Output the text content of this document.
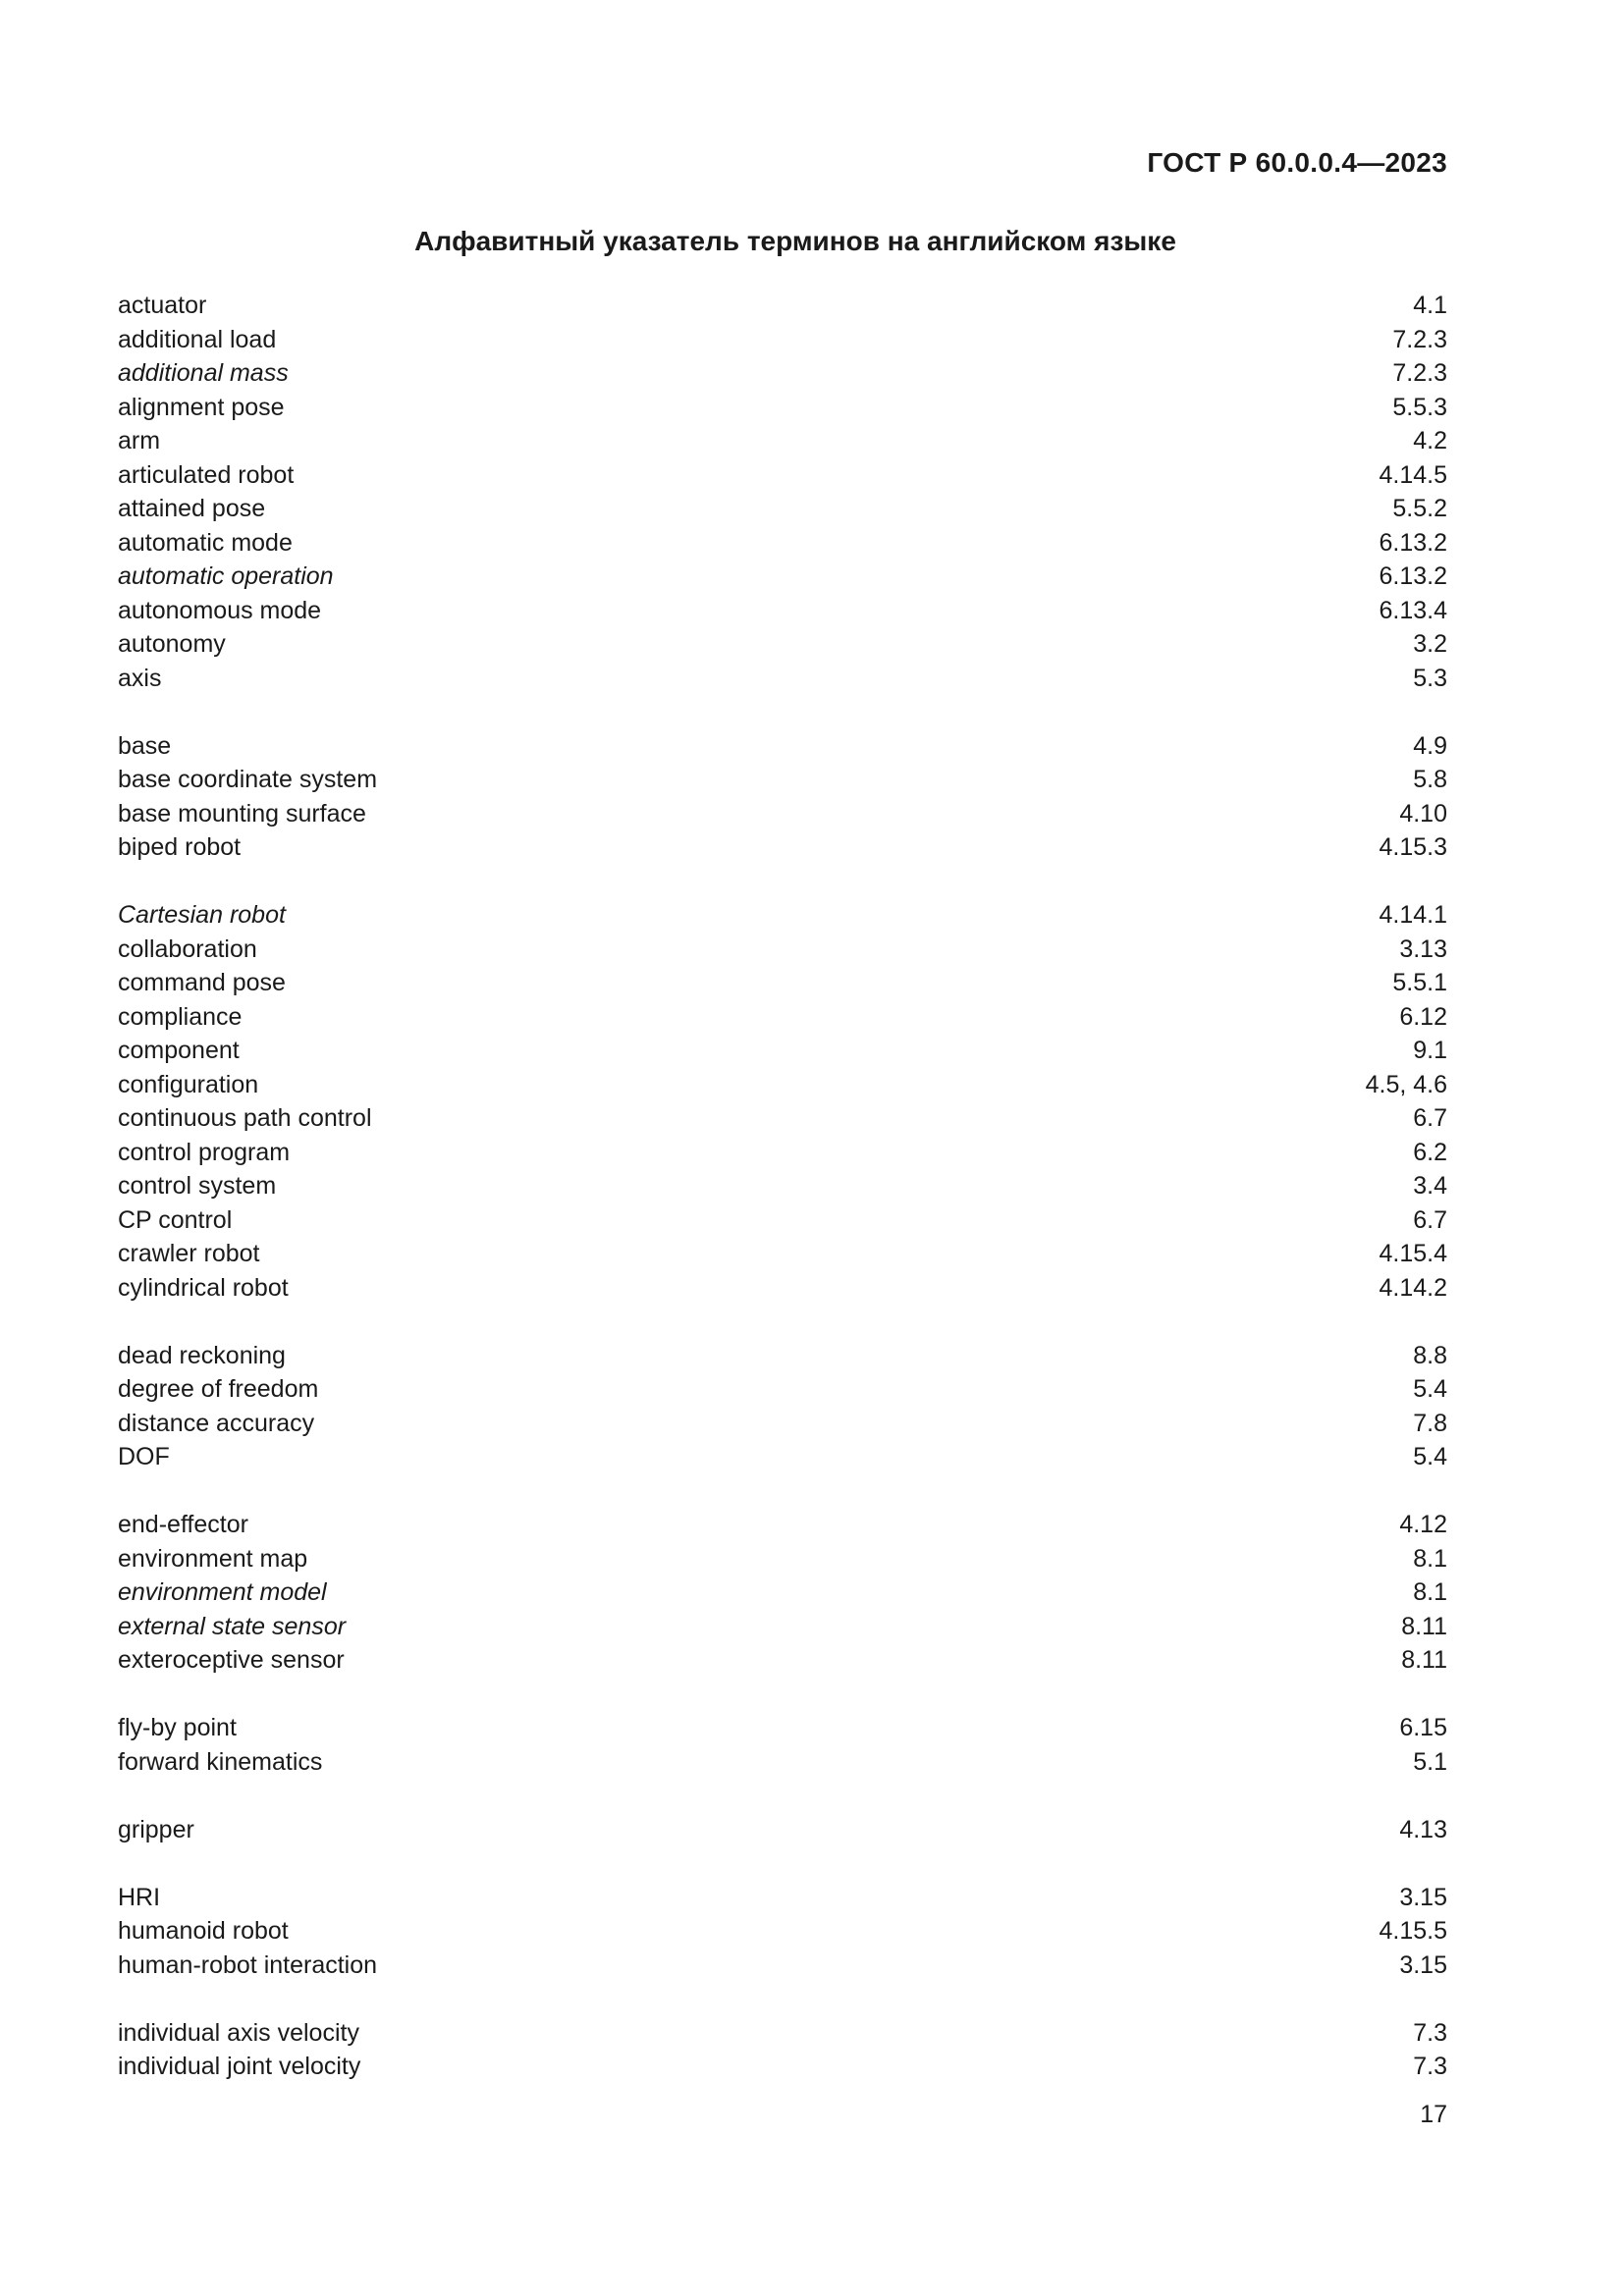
ГОСТ Р 60.0.0.4—2023
Алфавитный указатель терминов на английском языке
actuator	4.1
additional load	7.2.3
additional mass	7.2.3
alignment pose	5.5.3
arm	4.2
articulated robot	4.14.5
attained pose	5.5.2
automatic mode	6.13.2
automatic operation	6.13.2
autonomous mode	6.13.4
autonomy	3.2
axis	5.3
base	4.9
base coordinate system	5.8
base mounting surface	4.10
biped robot	4.15.3
Cartesian robot	4.14.1
collaboration	3.13
command pose	5.5.1
compliance	6.12
component	9.1
configuration	4.5, 4.6
continuous path control	6.7
control program	6.2
control system	3.4
CP control	6.7
crawler robot	4.15.4
cylindrical robot	4.14.2
dead reckoning	8.8
degree of freedom	5.4
distance accuracy	7.8
DOF	5.4
end-effector	4.12
environment map	8.1
environment model	8.1
external state sensor	8.11
exteroceptive sensor	8.11
fly-by point	6.15
forward kinematics	5.1
gripper	4.13
HRI	3.15
humanoid robot	4.15.5
human-robot interaction	3.15
individual axis velocity	7.3
individual joint velocity	7.3
17
